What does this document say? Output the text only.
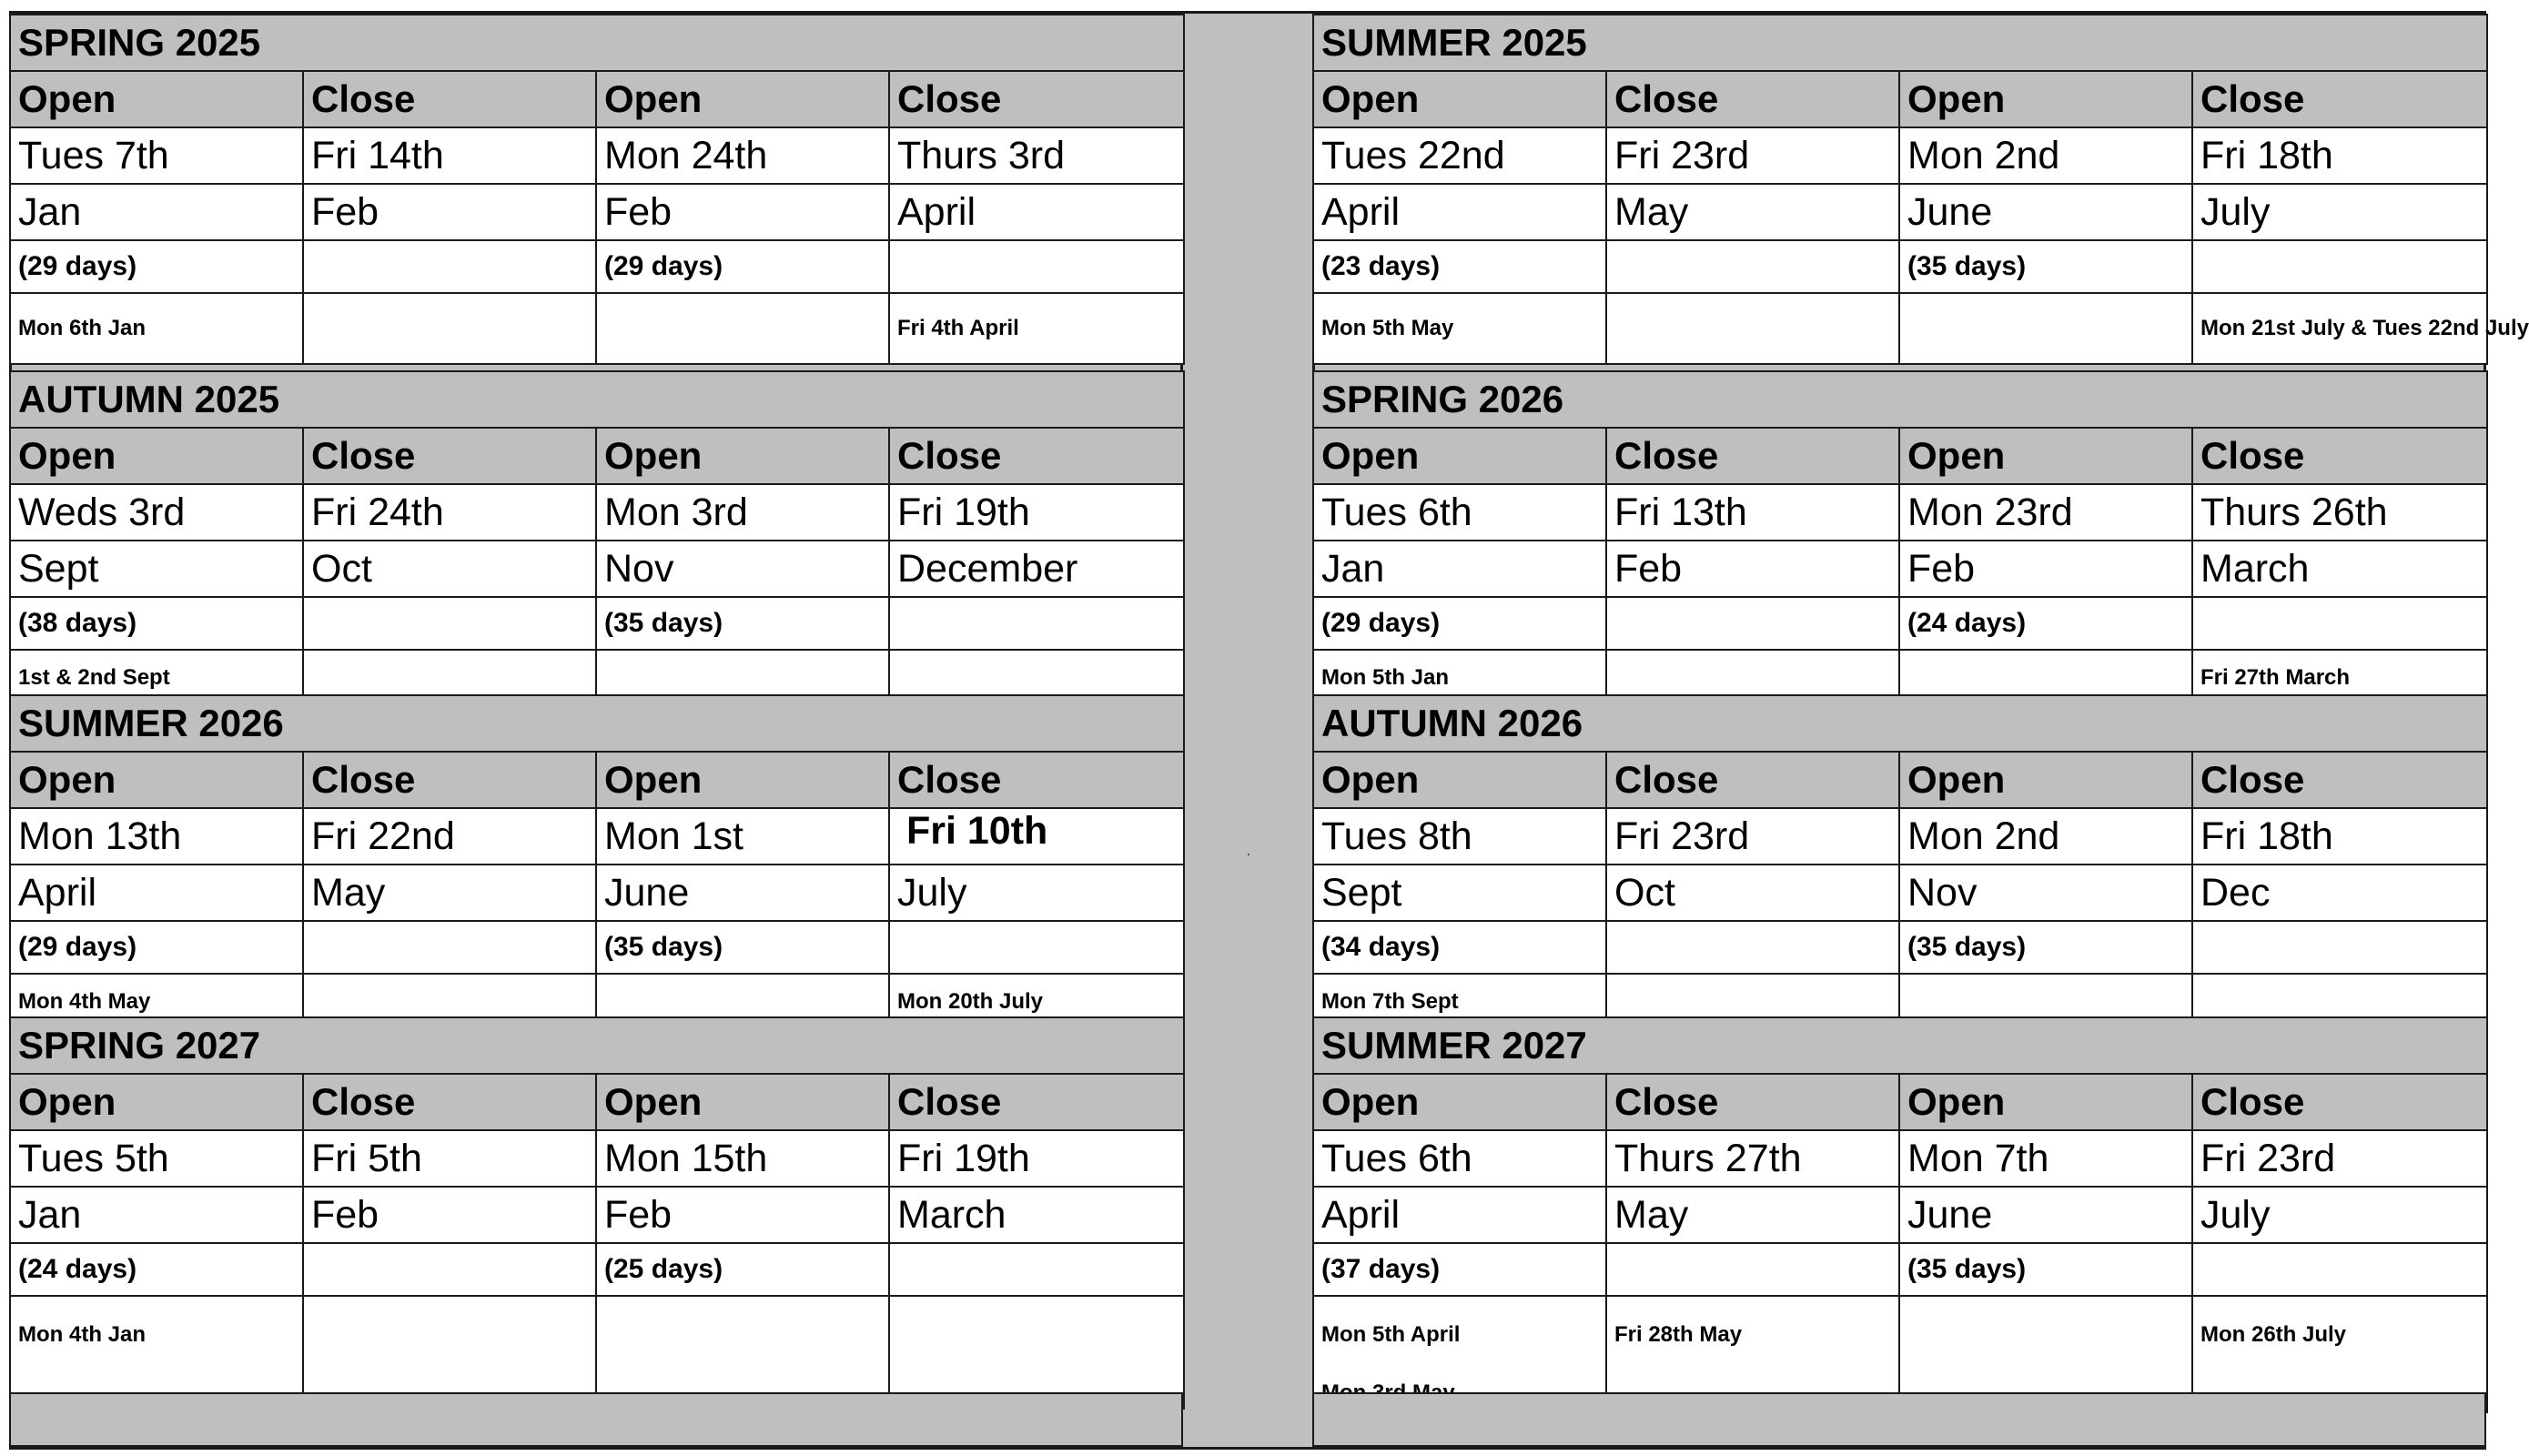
SPRING 2025			
Open	Close	Open	Close
Tues 7th	Fri 14th	Mon 24th	Thurs 3rd
Jan	Feb	Feb	April
(29 days)		(29 days)	
Mon 6th Jan			Fri 4th April
AUTUMN 2025			
Open	Close	Open	Close
Weds 3rd	Fri 24th	Mon 3rd	Fri 19th
Sept	Oct	Nov	December
(38 days)		(35 days)	
1st & 2nd Sept			
SUMMER 2026			
Open	Close	Open	Close
Mon 13th	Fri 22nd	Mon 1st	Fri 10th
April	May	June	July
(29 days)		(35 days)	
Mon 4th May			Mon 20th July
SPRING 2027			
Open	Close	Open	Close
Tues 5th	Fri 5th	Mon 15th	Fri 19th
Jan	Feb	Feb	March
(24 days)		(25 days)	
Mon 4th Jan			
SUMMER 2025			
Open	Close	Open	Close
Tues 22nd	Fri 23rd	Mon 2nd	Fri 18th
April	May	June	July
(23 days)		(35 days)	
Mon 5th May			Mon 21st July & Tues 22nd July
SPRING 2026			
Open	Close	Open	Close
Tues 6th	Fri 13th	Mon 23rd	Thurs 26th
Jan	Feb	Feb	March
(29 days)		(24 days)	
Mon 5th Jan			Fri 27th March
AUTUMN 2026			
Open	Close	Open	Close
Tues 8th	Fri 23rd	Mon 2nd	Fri 18th
Sept	Oct	Nov	Dec
(34 days)		(35 days)	
Mon 7th Sept			
SUMMER 2027			
Open	Close	Open	Close
Tues 6th	Thurs 27th	Mon 7th	Fri 23rd
April	May	June	July
(37 days)		(35 days)	

Mon 5th April	Fri 28th May		Mon 26th July
